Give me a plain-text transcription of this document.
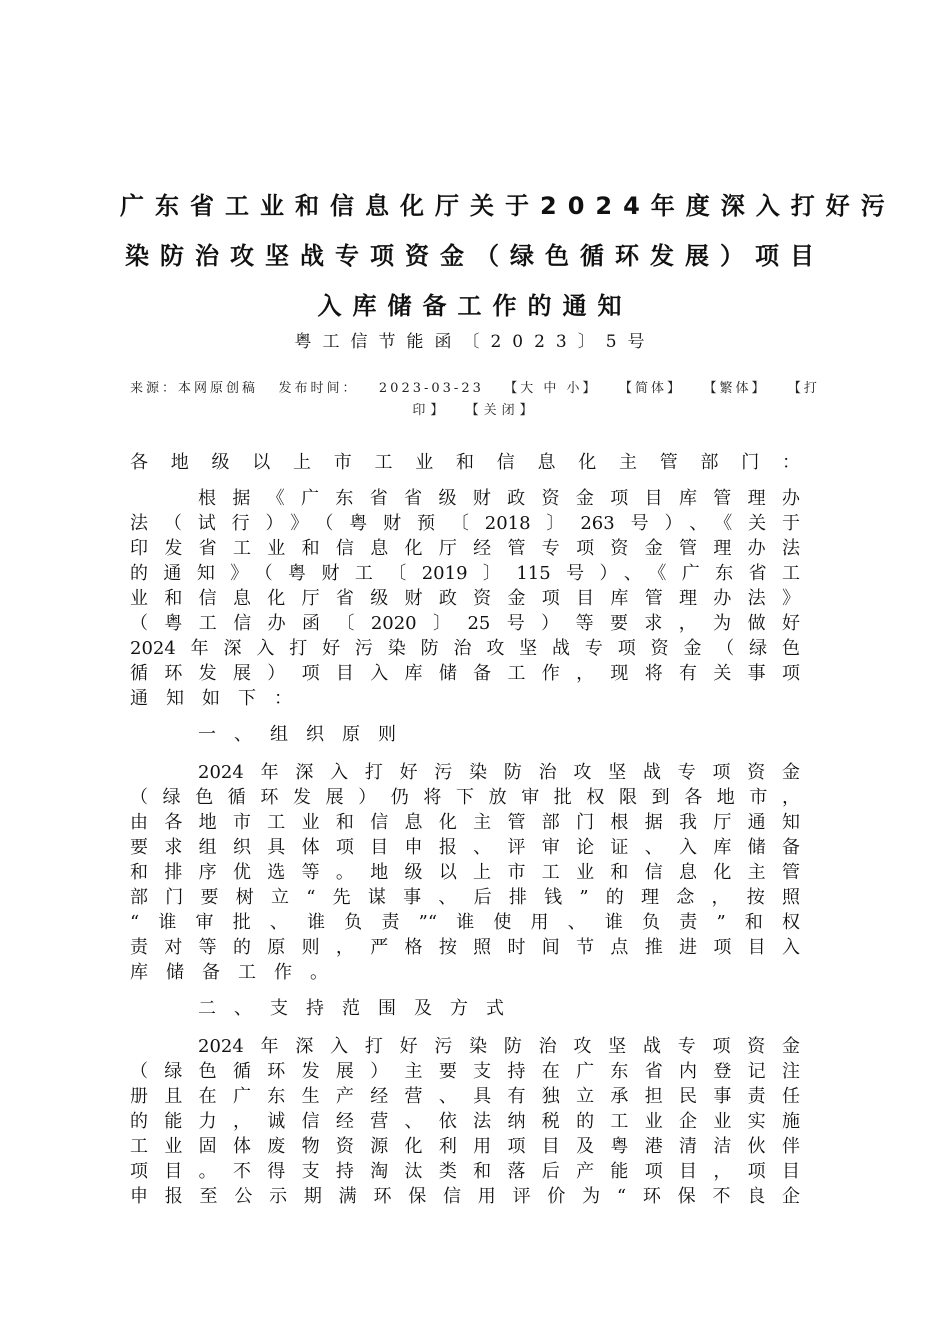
广东省工业和信息化厅关于2024年度深入打好污
染防治攻坚战专项资金（绿色循环发展）项目
入库储备工作的通知
粤工信节能函〔2023〕5号
来源：本网原创稿 发布时间： 2023-03-23 【大 中 小】 【简体】 【繁体】 【打
印】 【关闭】
各地级以上市工业和信息化主管部门：
根据《广东省省级财政资金项目库管理办
法（试行）》（粤财预〔2018〕263号）、《关于
印发省工业和信息化厅经管专项资金管理办法
的通知》（粤财工〔2019〕115号）、《广东省工
业和信息化厅省级财政资金项目库管理办法》
（粤工信办函〔2020〕25号）等要求，为做好
2024年深入打好污染防治攻坚战专项资金（绿色
循环发展）项目入库储备工作，现将有关事项
通知如下：
一、组织原则
2024年深入打好污染防治攻坚战专项资金
（绿色循环发展）仍将下放审批权限到各地市，
由各地市工业和信息化主管部门根据我厅通知
要求组织具体项目申报、评审论证、入库储备
和排序优选等。地级以上市工业和信息化主管
部门要树立“先谋事、后排钱”的理念，按照
“谁审批、谁负责”“谁使用、谁负责”和权
责对等的原则，严格按照时间节点推进项目入
库储备工作。
二、支持范围及方式
2024年深入打好污染防治攻坚战专项资金
（绿色循环发展）主要支持在广东省内登记注
册且在广东生产经营、具有独立承担民事责任
的能力，诚信经营、依法纳税的工业企业实施
工业固体废物资源化利用项目及粤港清洁伙伴
项目。不得支持淘汰类和落后产能项目，项目
申报至公示期满环保信用评价为“环保不良企
